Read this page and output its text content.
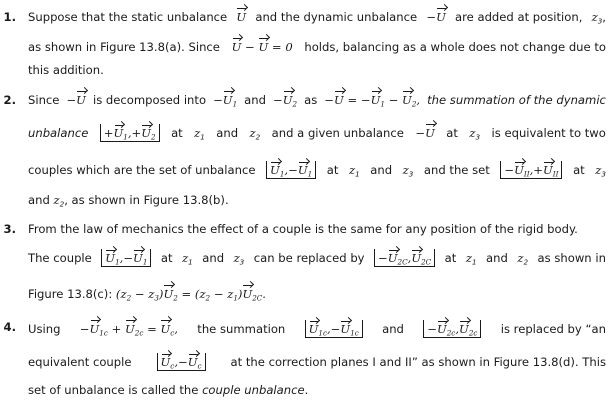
1. Suppose that the static unbalance U and the dynamic unbalance −U are added at position, $z_3$,
as shown in Figure 13.8(a). Since U − U = 0 holds, balancing as a whole does not change due to
this addition.
2. Since −U is decomposed into $-U_1$ and $-U_2$ as $-U = -U_1 - U_2$, the summation of the dynamic
unbalance	$+U_1,+U_2$	at $z_1$ and $z_2$ and a given unbalance −U at $z_3$ is equivalent to two
couples which are the set of unbalance	$U_1,-U_1$	at $z_1$ and $z_3$ and the set	$-U_{II},+U_{II}$	at $z_3$
and $z_2$, as shown in Figure 13.8(b).
3. From the law of mechanics the effect of a couple is the same for any position of the rigid body.
The couple	$U_1,-U_1$	at $z_1$ and $z_3$ can be replaced by	$-U_{2C},U_{2C}$	at $z_1$ and $z_2$ as shown in
Figure 13.8(c): $(z_2 - z_3)U_2 = (z_2 - z_1)U_{2C}$.
4. $Using -U_{1c} + U_{2c} = U_c$, the summation	$U_{1c},-U_{1c}$	and	$-U_{2c},U_{2c}$	is replaced by “an
equivalent couple	$U_c,-U_c$	at the correction planes I and II” as shown in Figure 13.8(d). This
set of unbalance is called the couple unbalance.
